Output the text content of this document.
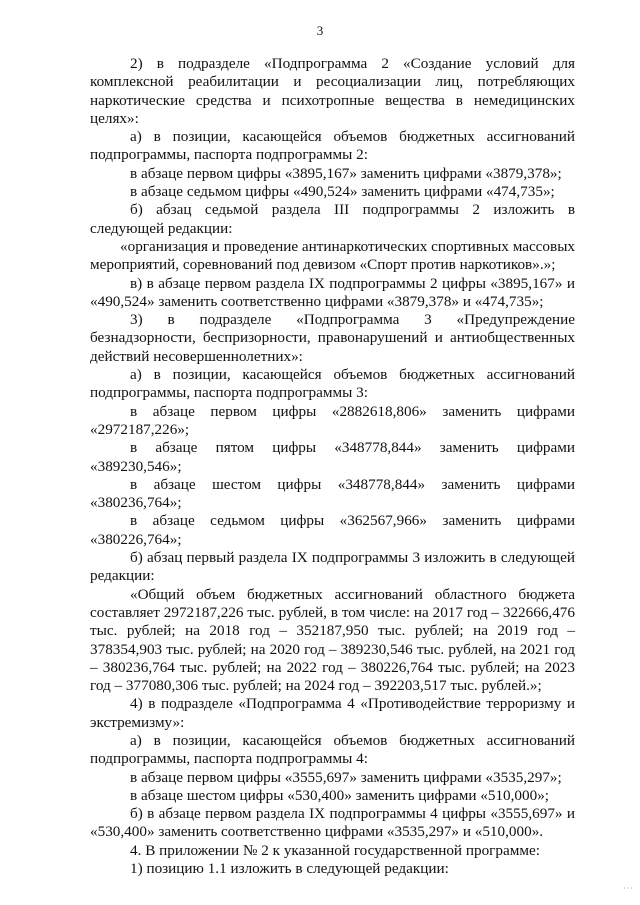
3

2) в подразделе «Подпрограмма 2 «Создание условий для комплексной реабилитации и ресоциализации лиц, потребляющих наркотические средства и психотропные вещества в немедицинских целях»:

а) в позиции, касающейся объемов бюджетных ассигнований подпрограммы, паспорта подпрограммы 2:

в абзаце первом цифры «3895,167» заменить цифрами «3879,378»;

в абзаце седьмом цифры «490,524» заменить цифрами «474,735»;

б) абзац седьмой раздела III подпрограммы 2 изложить в следующей редакции:

«организация и проведение антинаркотических спортивных массовых мероприятий, соревнований под девизом «Спорт против наркотиков».»;

в) в абзаце первом раздела IX подпрограммы 2 цифры «3895,167» и «490,524» заменить соответственно цифрами «3879,378» и «474,735»;

3) в подразделе «Подпрограмма 3 «Предупреждение безнадзорности, беспризорности, правонарушений и антиобщественных действий несовершеннолетних»:

а) в позиции, касающейся объемов бюджетных ассигнований подпрограммы, паспорта подпрограммы 3:

в абзаце первом цифры «2882618,806» заменить цифрами «2972187,226»;

в абзаце пятом цифры «348778,844» заменить цифрами «389230,546»;

в абзаце шестом цифры «348778,844» заменить цифрами «380236,764»;

в абзаце седьмом цифры «362567,966» заменить цифрами «380226,764»;

б) абзац первый раздела IX подпрограммы 3 изложить в следующей редакции:

«Общий объем бюджетных ассигнований областного бюджета составляет 2972187,226 тыс. рублей, в том числе: на 2017 год – 322666,476 тыс. рублей; на 2018 год – 352187,950 тыс. рублей; на 2019 год – 378354,903 тыс. рублей; на 2020 год – 389230,546 тыс. рублей, на 2021 год – 380236,764 тыс. рублей; на 2022 год – 380226,764 тыс. рублей; на 2023 год – 377080,306 тыс. рублей; на 2024 год – 392203,517 тыс. рублей.»;

4) в подразделе «Подпрограмма 4 «Противодействие терроризму и экстремизму»:

а) в позиции, касающейся объемов бюджетных ассигнований подпрограммы, паспорта подпрограммы 4:

в абзаце первом цифры «3555,697» заменить цифрами «3535,297»;

в абзаце шестом цифры «530,400» заменить цифрами «510,000»;

б) в абзаце первом раздела IX подпрограммы 4 цифры «3555,697» и «530,400» заменить соответственно цифрами «3535,297» и «510,000».

4. В приложении № 2 к указанной государственной программе:

1) позицию 1.1 изложить в следующей редакции:

···
